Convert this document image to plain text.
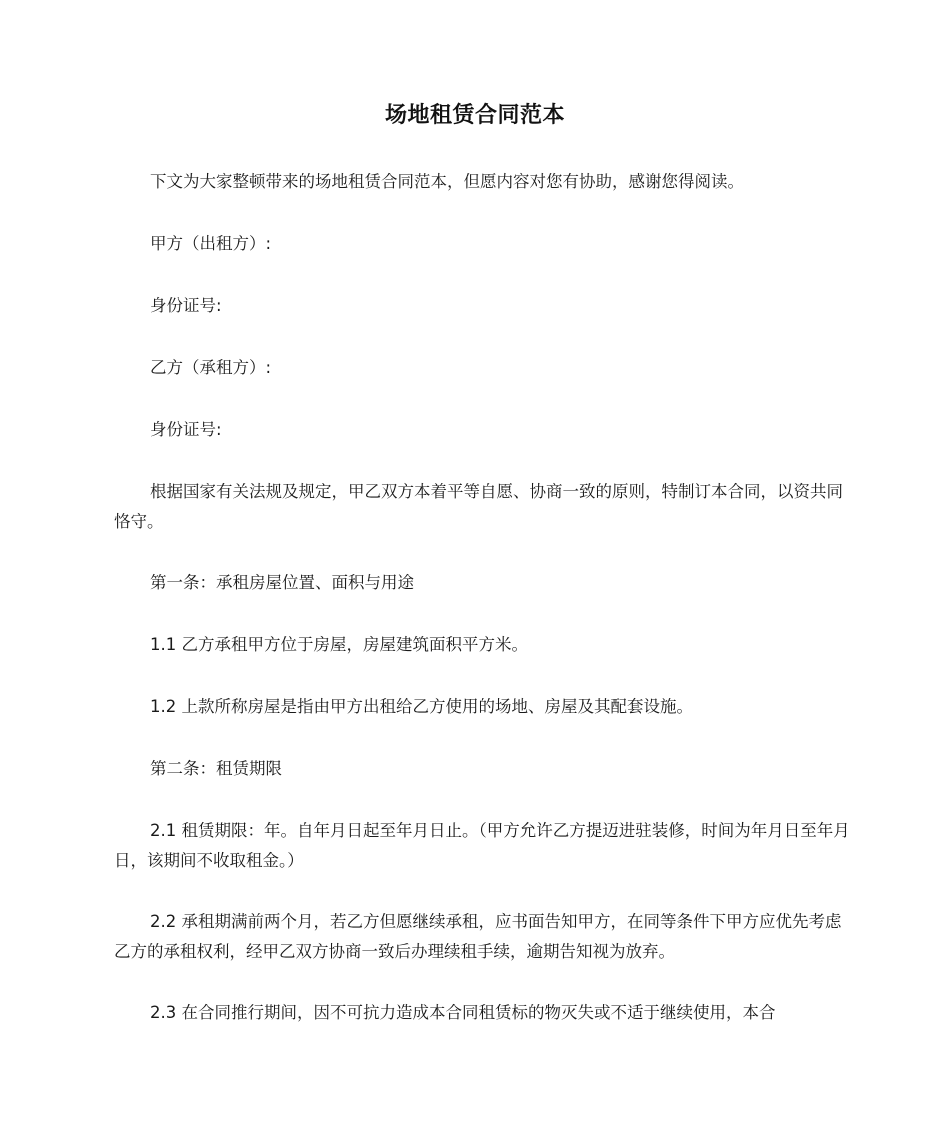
场地租赁合同范本

下文为大家整顿带来的场地租赁合同范本，但愿内容对您有协助，感谢您得阅读。

甲方（出租方）:

身份证号:

乙方（承租方）:

身份证号:

根据国家有关法规及规定，甲乙双方本着平等自愿、协商一致的原则，特制订本合同，以资共同恪守。

第一条：承租房屋位置、面积与用途

1.1 乙方承租甲方位于房屋，房屋建筑面积平方米。

1.2 上款所称房屋是指由甲方出租给乙方使用的场地、房屋及其配套设施。

第二条：租赁期限

2.1 租赁期限：年。自年月日起至年月日止。（甲方允许乙方提迈进驻装修，时间为年月日至年月日，该期间不收取租金。）

2.2 承租期满前两个月，若乙方但愿继续承租，应书面告知甲方，在同等条件下甲方应优先考虑乙方的承租权利，经甲乙双方协商一致后办理续租手续，逾期告知视为放弃。

2.3 在合同推行期间，因不可抗力造成本合同租赁标的物灭失或不适于继续使用，本合
